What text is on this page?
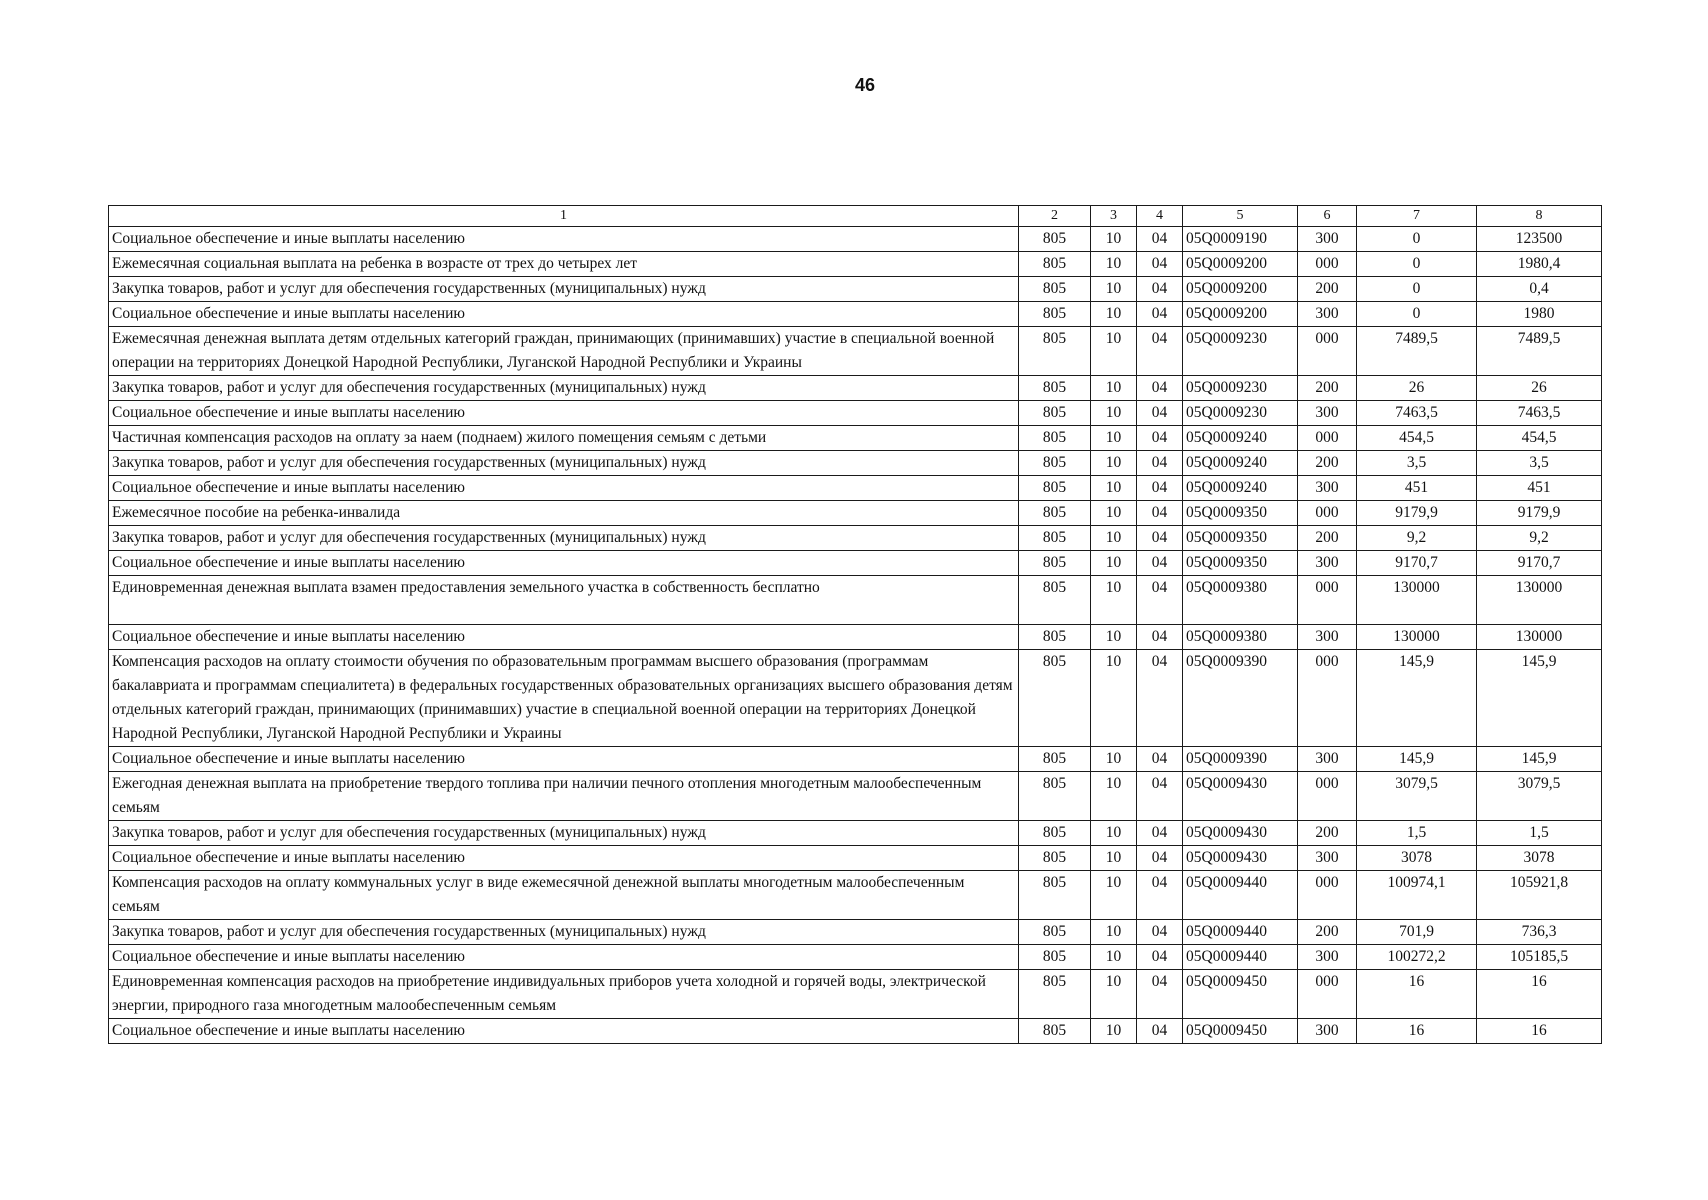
46
1	2	3	4	5	6	7	8
Социальное обеспечение и иные выплаты населению	805	10	04	05Q0009190	300	0	123500
Ежемесячная социальная выплата на ребенка в возрасте от трех до четырех лет	805	10	04	05Q0009200	000	0	1980,4
Закупка товаров, работ и услуг для обеспечения государственных (муниципальных) нужд	805	10	04	05Q0009200	200	0	0,4
Социальное обеспечение и иные выплаты населению	805	10	04	05Q0009200	300	0	1980
Ежемесячная денежная выплата детям отдельных категорий граждан, принимающих (принимавших) участие в специальной военной операции на территориях Донецкой Народной Республики, Луганской Народной Республики и Украины	805	10	04	05Q0009230	000	7489,5	7489,5
Закупка товаров, работ и услуг для обеспечения государственных (муниципальных) нужд	805	10	04	05Q0009230	200	26	26
Социальное обеспечение и иные выплаты населению	805	10	04	05Q0009230	300	7463,5	7463,5
Частичная компенсация расходов на оплату за наем (поднаем) жилого помещения семьям с детьми	805	10	04	05Q0009240	000	454,5	454,5
Закупка товаров, работ и услуг для обеспечения государственных (муниципальных) нужд	805	10	04	05Q0009240	200	3,5	3,5
Социальное обеспечение и иные выплаты населению	805	10	04	05Q0009240	300	451	451
Ежемесячное пособие на ребенка-инвалида	805	10	04	05Q0009350	000	9179,9	9179,9
Закупка товаров, работ и услуг для обеспечения государственных (муниципальных) нужд	805	10	04	05Q0009350	200	9,2	9,2
Социальное обеспечение и иные выплаты населению	805	10	04	05Q0009350	300	9170,7	9170,7
Единовременная денежная выплата взамен предоставления земельного участка в собственность бесплатно	805	10	04	05Q0009380	000	130000	130000
Социальное обеспечение и иные выплаты населению	805	10	04	05Q0009380	300	130000	130000
Компенсация расходов на оплату стоимости обучения по образовательным программам высшего образования (программам бакалавриата и программам специалитета) в федеральных государственных образовательных организациях высшего образования детям отдельных категорий граждан, принимающих (принимавших) участие в специальной военной операции на территориях Донецкой Народной Республики, Луганской Народной Республики и Украины	805	10	04	05Q0009390	000	145,9	145,9
Социальное обеспечение и иные выплаты населению	805	10	04	05Q0009390	300	145,9	145,9
Ежегодная денежная выплата на приобретение твердого топлива при наличии печного отопления многодетным малообеспеченным семьям	805	10	04	05Q0009430	000	3079,5	3079,5
Закупка товаров, работ и услуг для обеспечения государственных (муниципальных) нужд	805	10	04	05Q0009430	200	1,5	1,5
Социальное обеспечение и иные выплаты населению	805	10	04	05Q0009430	300	3078	3078
Компенсация расходов на оплату коммунальных услуг в виде ежемесячной денежной выплаты многодетным малообеспеченным семьям	805	10	04	05Q0009440	000	100974,1	105921,8
Закупка товаров, работ и услуг для обеспечения государственных (муниципальных) нужд	805	10	04	05Q0009440	200	701,9	736,3
Социальное обеспечение и иные выплаты населению	805	10	04	05Q0009440	300	100272,2	105185,5
Единовременная компенсация расходов на приобретение индивидуальных приборов учета холодной и горячей воды, электрической энергии, природного газа многодетным малообеспеченным семьям	805	10	04	05Q0009450	000	16	16
Социальное обеспечение и иные выплаты населению	805	10	04	05Q0009450	300	16	16
